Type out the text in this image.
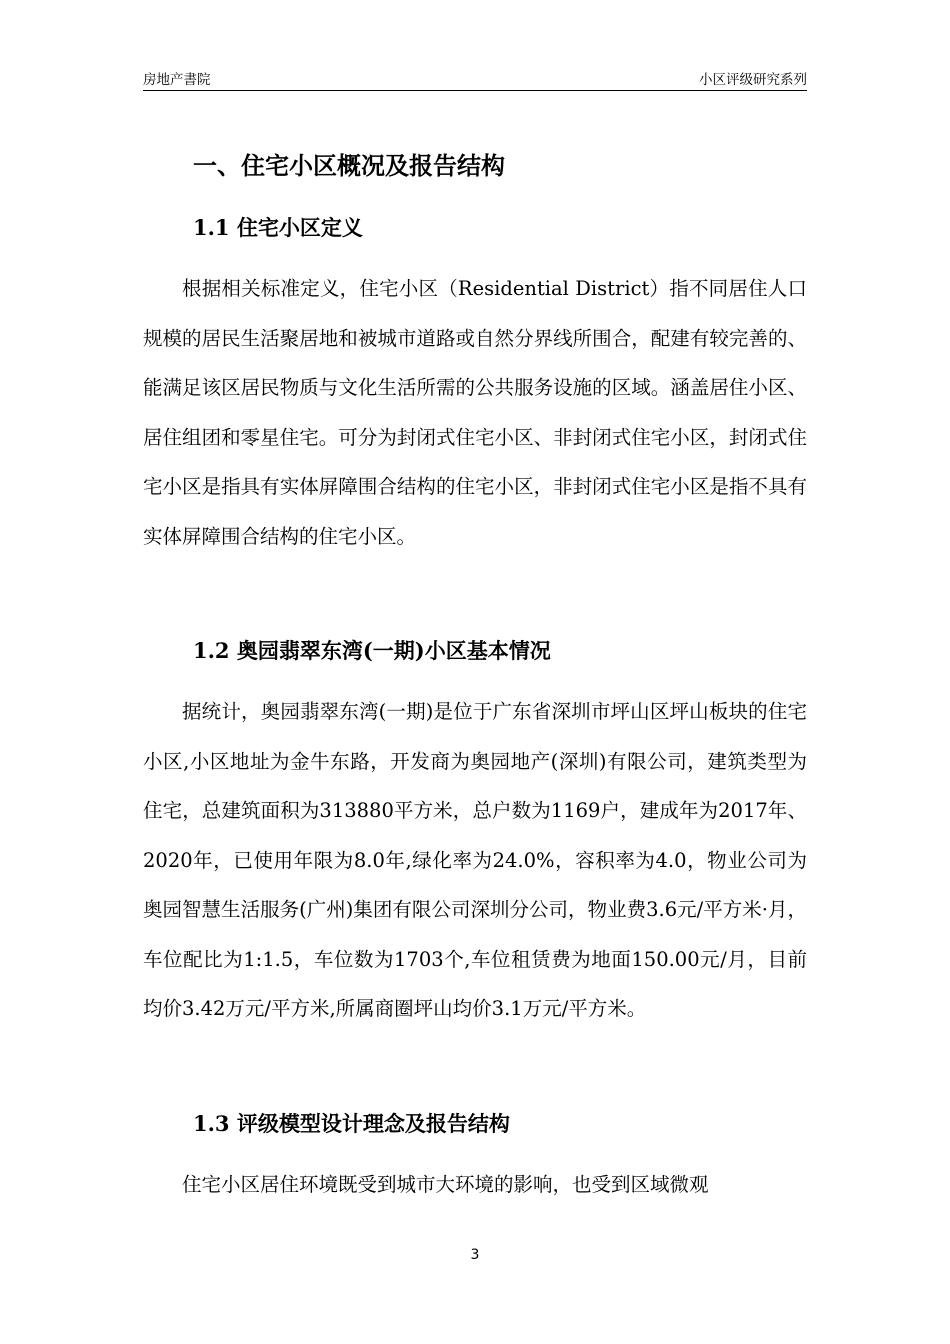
房地产書院	小区评级研究系列
一、住宅小区概况及报告结构
1.1 住宅小区定义

根据相关标准定义，住宅小区（Residential District）指不同居住人口规模的居民生活聚居地和被城市道路或自然分界线所围合，配建有较完善的、能满足该区居民物质与文化生活所需的公共服务设施的区域。涵盖居住小区、居住组团和零星住宅。可分为封闭式住宅小区、非封闭式住宅小区，封闭式住宅小区是指具有实体屏障围合结构的住宅小区，非封闭式住宅小区是指不具有实体屏障围合结构的住宅小区。

1.2 奥园翡翠东湾(一期)小区基本情况

据统计，奥园翡翠东湾(一期)是位于广东省深圳市坪山区坪山板块的住宅小区,小区地址为金牛东路，开发商为奥园地产(深圳)有限公司，建筑类型为住宅，总建筑面积为313880平方米，总户数为1169户，建成年为2017年、2020年，已使用年限为8.0年,绿化率为24.0%，容积率为4.0，物业公司为奥园智慧生活服务(广州)集团有限公司深圳分公司，物业费3.6元/平方米·月，车位配比为1:1.5，车位数为1703个,车位租赁费为地面150.00元/月，目前均价3.42万元/平方米,所属商圈坪山均价3.1万元/平方米。

1.3 评级模型设计理念及报告结构

住宅小区居住环境既受到城市大环境的影响，也受到区域微观

3
